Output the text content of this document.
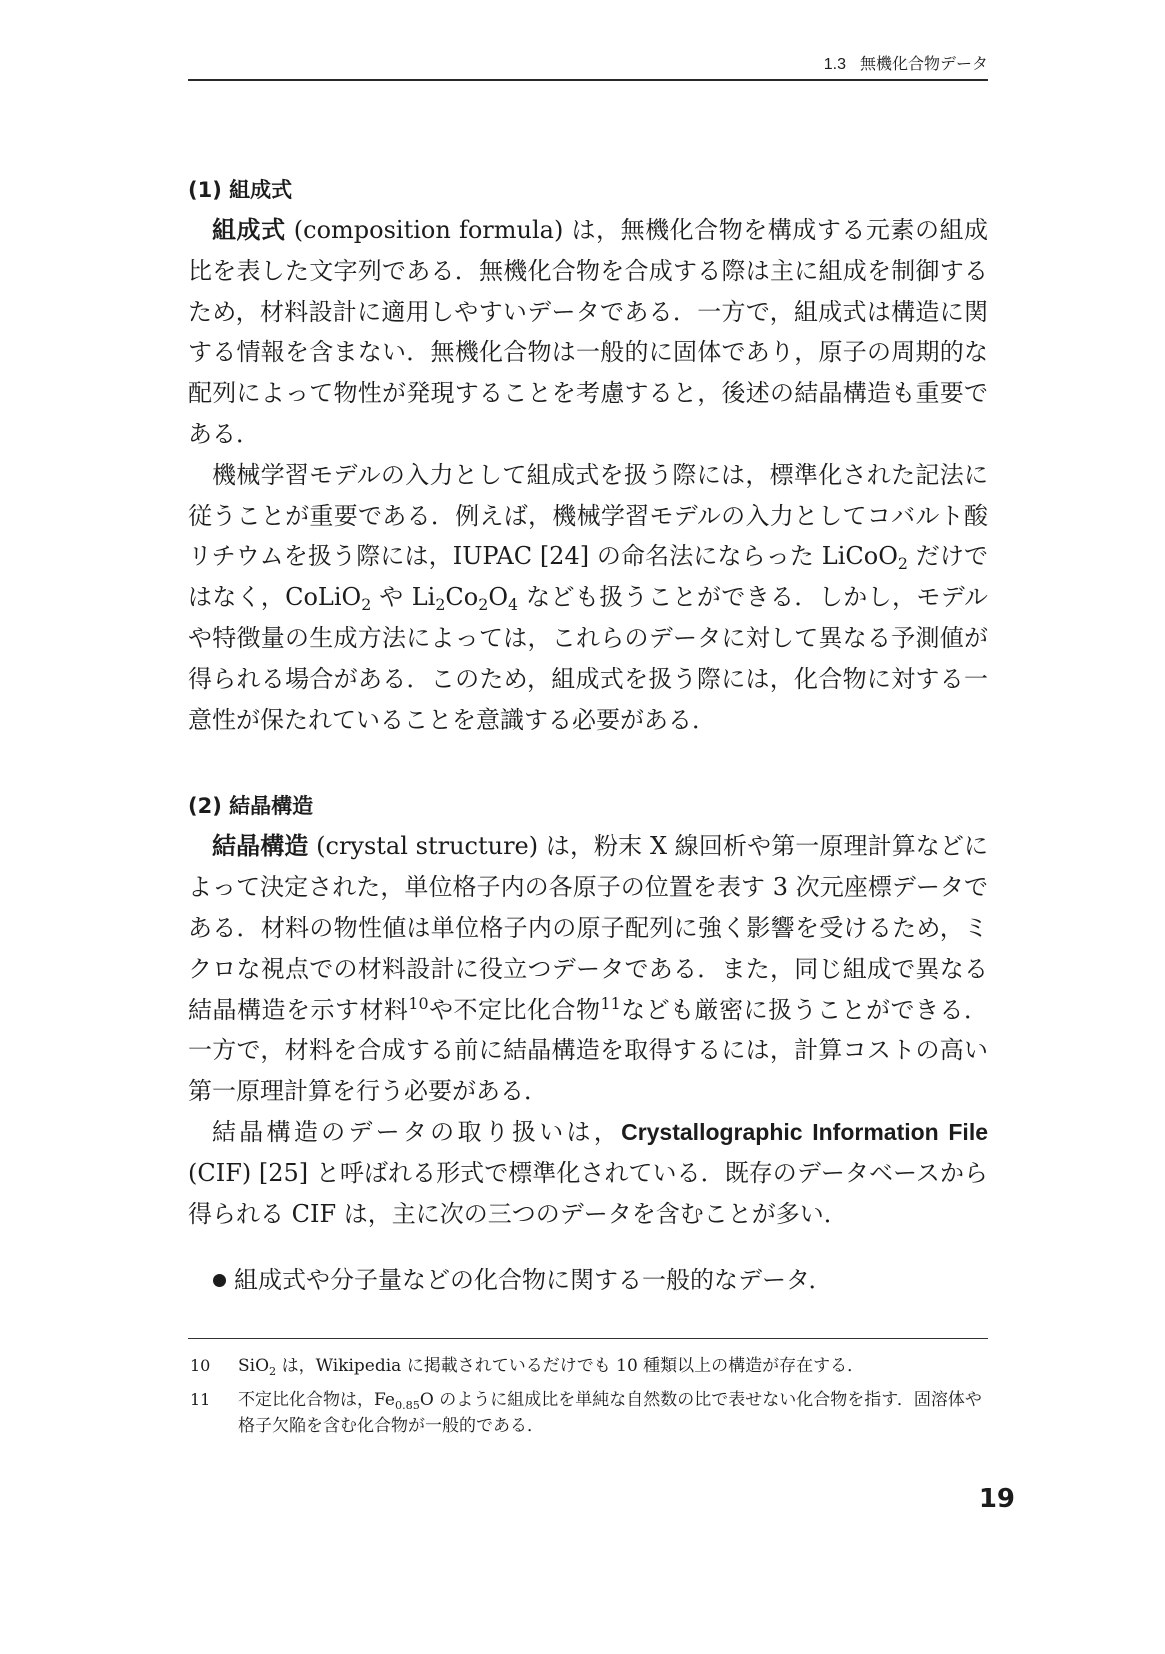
1.3 無機化合物データ
(1) 組成式

組成式 (composition formula) は，無機化合物を構成する元素の組成比を表した文字列である．無機化合物を合成する際は主に組成を制御するため，材料設計に適用しやすいデータである．一方で，組成式は構造に関する情報を含まない．無機化合物は一般的に固体であり，原子の周期的な配列によって物性が発現することを考慮すると，後述の結晶構造も重要である．

機械学習モデルの入力として組成式を扱う際には，標準化された記法に従うことが重要である．例えば，機械学習モデルの入力としてコバルト酸リチウムを扱う際には，IUPAC [24] の命名法にならった LiCoO$_2$ だけではなく，CoLiO$_2$ や $Li_2Co_2O_4$ なども扱うことができる．しかし，モデルや特徴量の生成方法によっては，これらのデータに対して異なる予測値が得られる場合がある．このため，組成式を扱う際には，化合物に対する一意性が保たれていることを意識する必要がある．

(2) 結晶構造

結晶構造 (crystal structure) は，粉末 X 線回析や第一原理計算などによって決定された，単位格子内の各原子の位置を表す 3 次元座標データである．材料の物性値は単位格子内の原子配列に強く影響を受けるため，ミクロな視点での材料設計に役立つデータである．また，同じ組成で異なる結晶構造を示す材料$^{10}$や不定比化合物$^{11}$なども厳密に扱うことができる．一方で，材料を合成する前に結晶構造を取得するには，計算コストの高い第一原理計算を行う必要がある．

結晶構造のデータの取り扱いは，Crystallographic Information File (CIF) [25] と呼ばれる形式で標準化されている．既存のデータベースから得られる CIF は，主に次の三つのデータを含むことが多い．

組成式や分子量などの化合物に関する一般的なデータ．
10	SiO$_2$ は，Wikipedia に掲載されているだけでも 10 種類以上の構造が存在する．
11	不定比化合物は，$Fe_{0.85}O$ のように組成比を単純な自然数の比で表せない化合物を指す．固溶体や格子欠陥を含む化合物が一般的である．
19
